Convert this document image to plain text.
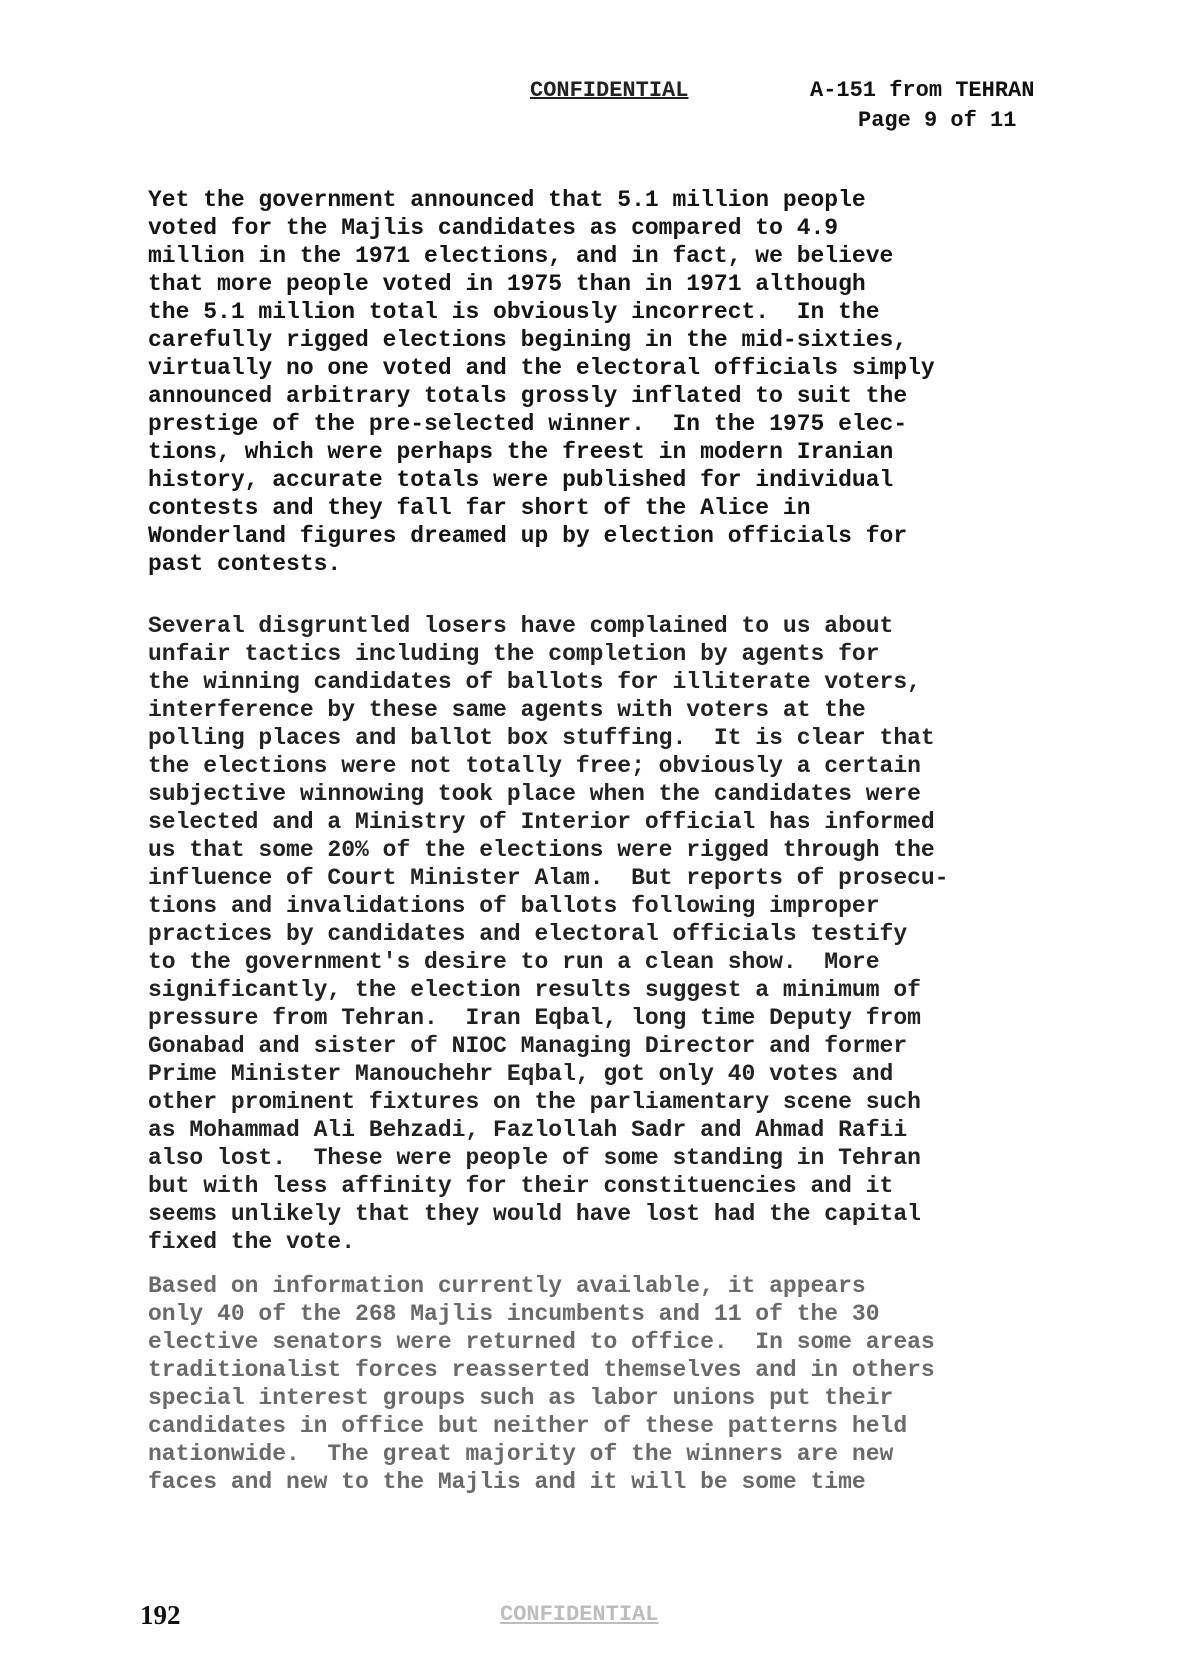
CONFIDENTIAL	A-151 from TEHRAN
Page 9 of 11

Yet the government announced that 5.1 million people
voted for the Majlis candidates as compared to 4.9
million in the 1971 elections, and in fact, we believe
that more people voted in 1975 than in 1971 although
the 5.1 million total is obviously incorrect.  In the
carefully rigged elections begining in the mid-sixties,
virtually no one voted and the electoral officials simply
announced arbitrary totals grossly inflated to suit the
prestige of the pre-selected winner.  In the 1975 elec-
tions, which were perhaps the freest in modern Iranian
history, accurate totals were published for individual
contests and they fall far short of the Alice in
Wonderland figures dreamed up by election officials for
past contests.

Several disgruntled losers have complained to us about
unfair tactics including the completion by agents for
the winning candidates of ballots for illiterate voters,
interference by these same agents with voters at the
polling places and ballot box stuffing.  It is clear that
the elections were not totally free; obviously a certain
subjective winnowing took place when the candidates were
selected and a Ministry of Interior official has informed
us that some 20% of the elections were rigged through the
influence of Court Minister Alam.  But reports of prosecu-
tions and invalidations of ballots following improper
practices by candidates and electoral officials testify
to the government's desire to run a clean show.  More
significantly, the election results suggest a minimum of
pressure from Tehran.  Iran Eqbal, long time Deputy from
Gonabad and sister of NIOC Managing Director and former
Prime Minister Manouchehr Eqbal, got only 40 votes and
other prominent fixtures on the parliamentary scene such
as Mohammad Ali Behzadi, Fazlollah Sadr and Ahmad Rafii
also lost.  These were people of some standing in Tehran
but with less affinity for their constituencies and it
seems unlikely that they would have lost had the capital
fixed the vote.

Based on information currently available, it appears
only 40 of the 268 Majlis incumbents and 11 of the 30
elective senators were returned to office.  In some areas
traditionalist forces reasserted themselves and in others
special interest groups such as labor unions put their
candidates in office but neither of these patterns held
nationwide.  The great majority of the winners are new
faces and new to the Majlis and it will be some time

192	CONFIDENTIAL
